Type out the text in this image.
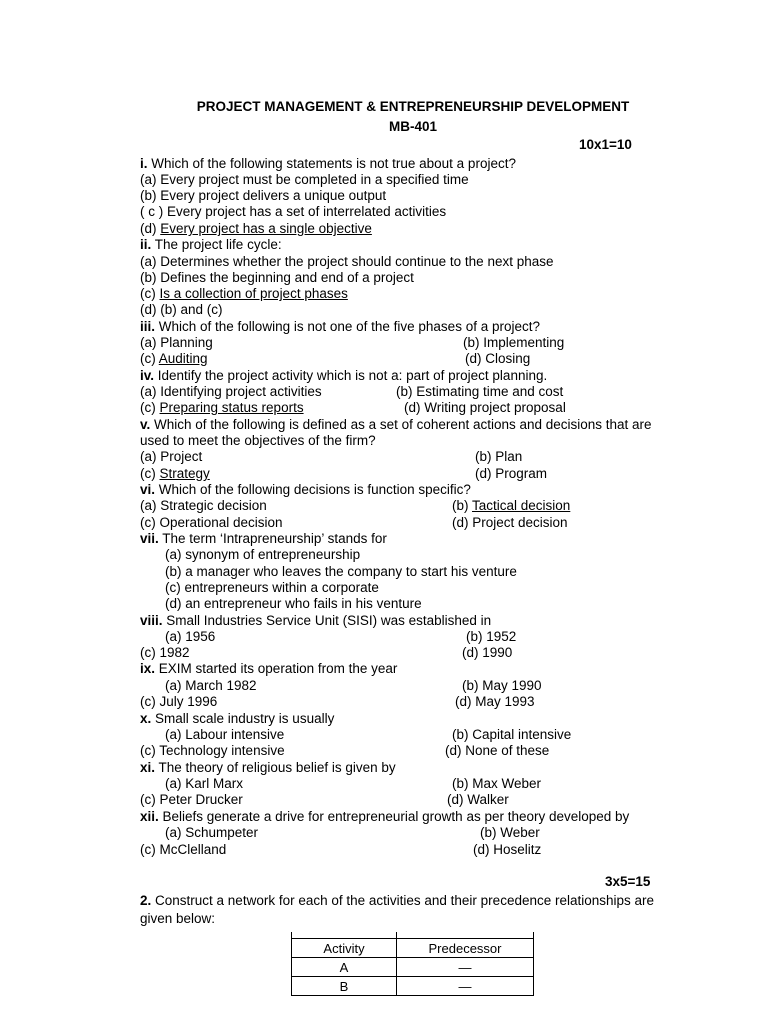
PROJECT MANAGEMENT & ENTREPRENEURSHIP DEVELOPMENT
MB-401
10x1=10
i. Which of the following statements is not true about a project?
(a) Every project must be completed in a specified time
(b) Every project delivers a unique output
( c ) Every project has a set of interrelated activities
(d) Every project has a single objective
ii. The project life cycle:
(a) Determines whether the project should continue to the next phase
(b) Defines the beginning and end of a project
(c) Is a collection of project phases
(d) (b) and (c)
iii. Which of the following is not one of the five phases of a project?
(a) Planning	(b) Implementing
(c) Auditing	(d) Closing
iv. Identify the project activity which is not a: part of project planning.
(a) Identifying project activities	(b) Estimating time and cost
(c) Preparing status reports	(d) Writing project proposal
v. Which of the following is defined as a set of coherent actions and decisions that are
used to meet the objectives of the firm?
(a) Project	(b) Plan
(c) Strategy	(d) Program
vi. Which of the following decisions is function specific?
(a) Strategic decision	(b) Tactical decision
(c) Operational decision	(d) Project decision
vii. The term ‘Intrapreneurship’ stands for
(a) synonym of entrepreneurship
(b) a manager who leaves the company to start his venture
(c) entrepreneurs within a corporate
(d) an entrepreneur who fails in his venture
viii. Small Industries Service Unit (SISI) was established in
(a) 1956	(b) 1952
(c) 1982	(d) 1990
ix. EXIM started its operation from the year
(a) March 1982	(b) May 1990
(c) July 1996	(d) May 1993
x. Small scale industry is usually
(a) Labour intensive	(b) Capital intensive
(c) Technology intensive	(d) None of these
xi. The theory of religious belief is given by
(a) Karl Marx	(b) Max Weber
(c) Peter Drucker	(d) Walker
xii. Beliefs generate a drive for entrepreneurial growth as per theory developed by
(a) Schumpeter	(b) Weber
(c) McClelland	(d) Hoselitz
3x5=15
2. Construct a network for each of the activities and their precedence relationships are
given below:

Activity	Predecessor
A	—
B	—
